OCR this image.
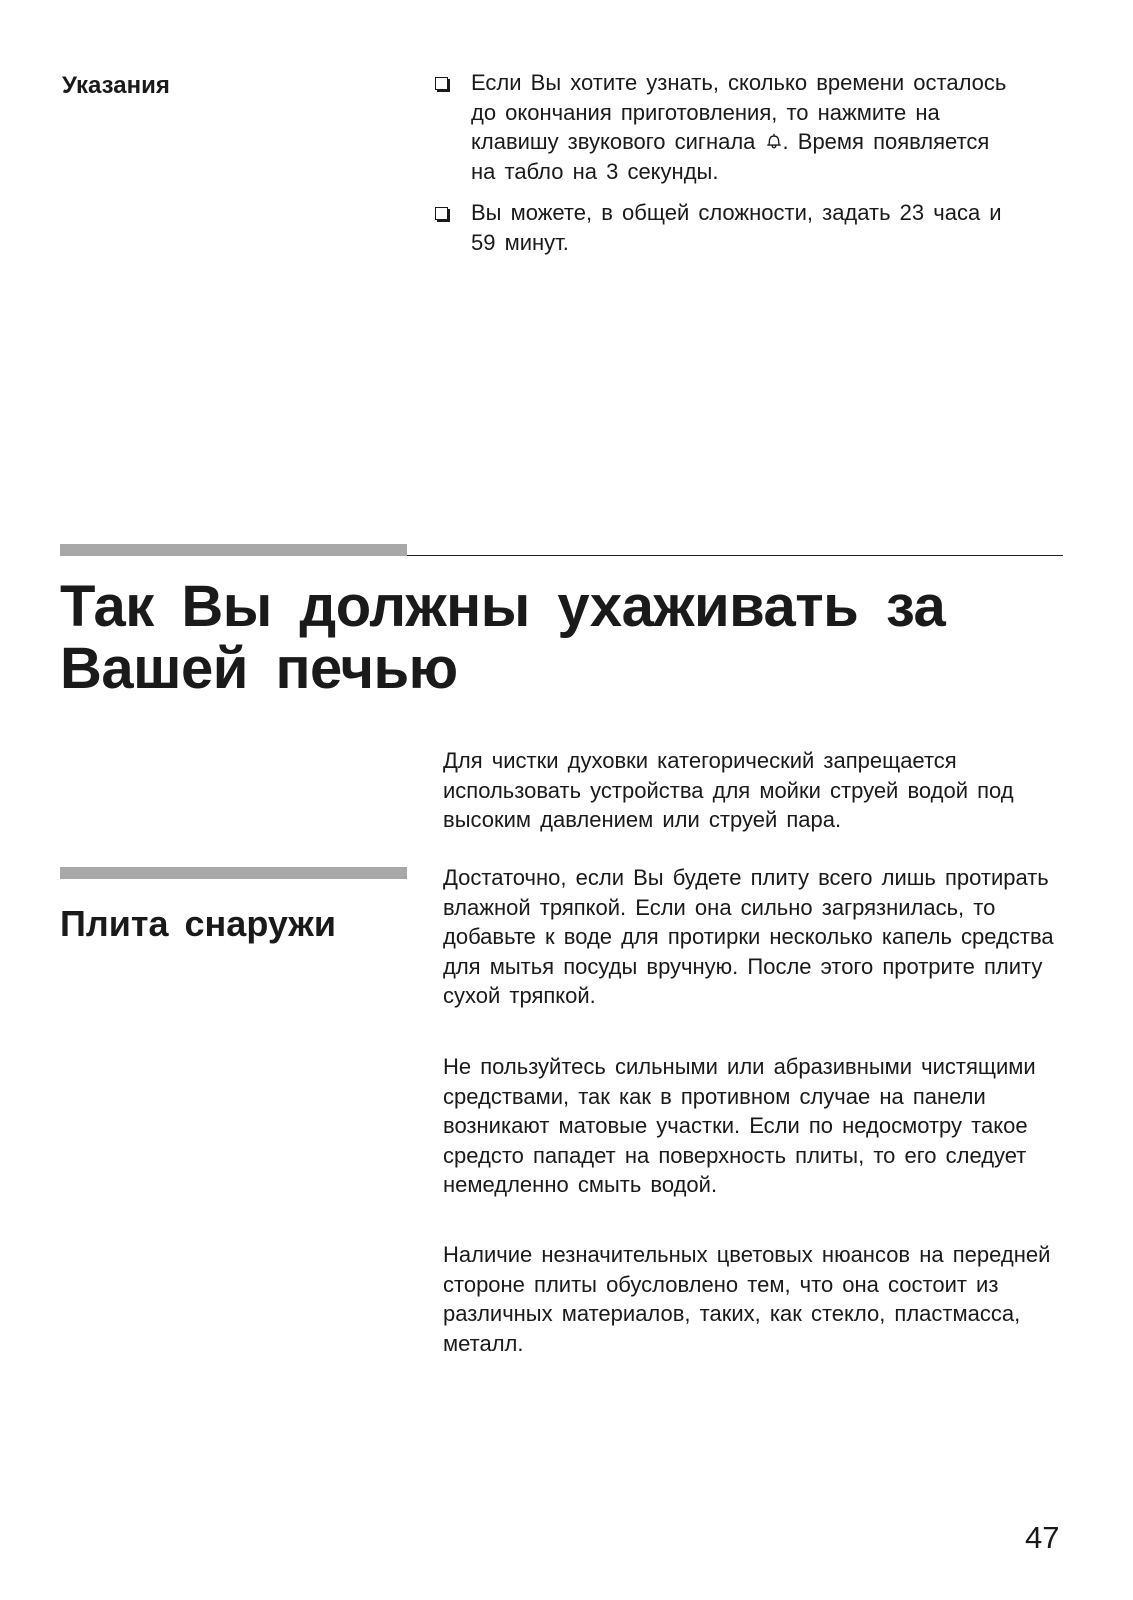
Указания	Если Вы хотите узнать, сколько времени осталось до окончания приготовления, то нажмите на клавишу звукового сигнала . Время появляется на табло на 3 секунды.
Вы можете, в общей сложности, задать 23 часа и 59 минут.
Так Вы должны ухаживать за Вашей печью

Для чистки духовки категорический запрещается использовать устройства для мойки струей водой под высоким давлением или струей пара.

Плита снаружи

Достаточно, если Вы будете плиту всего лишь протирать влажной тряпкой. Если она сильно загрязнилась, то добавьте к воде для протирки несколько капель средства для мытья посуды вручную. После этого протрите плиту сухой тряпкой.

Не пользуйтесь сильными или абразивными чистящими средствами, так как в противном случае на панели возникают матовые участки. Если по недосмотру такое средсто пападет на поверхность плиты, то его следует немедленно смыть водой.

Наличие незначительных цветовых нюансов на передней стороне плиты обусловлено тем, что она состоит из различных материалов, таких, как стекло, пластмасса, металл.

47
